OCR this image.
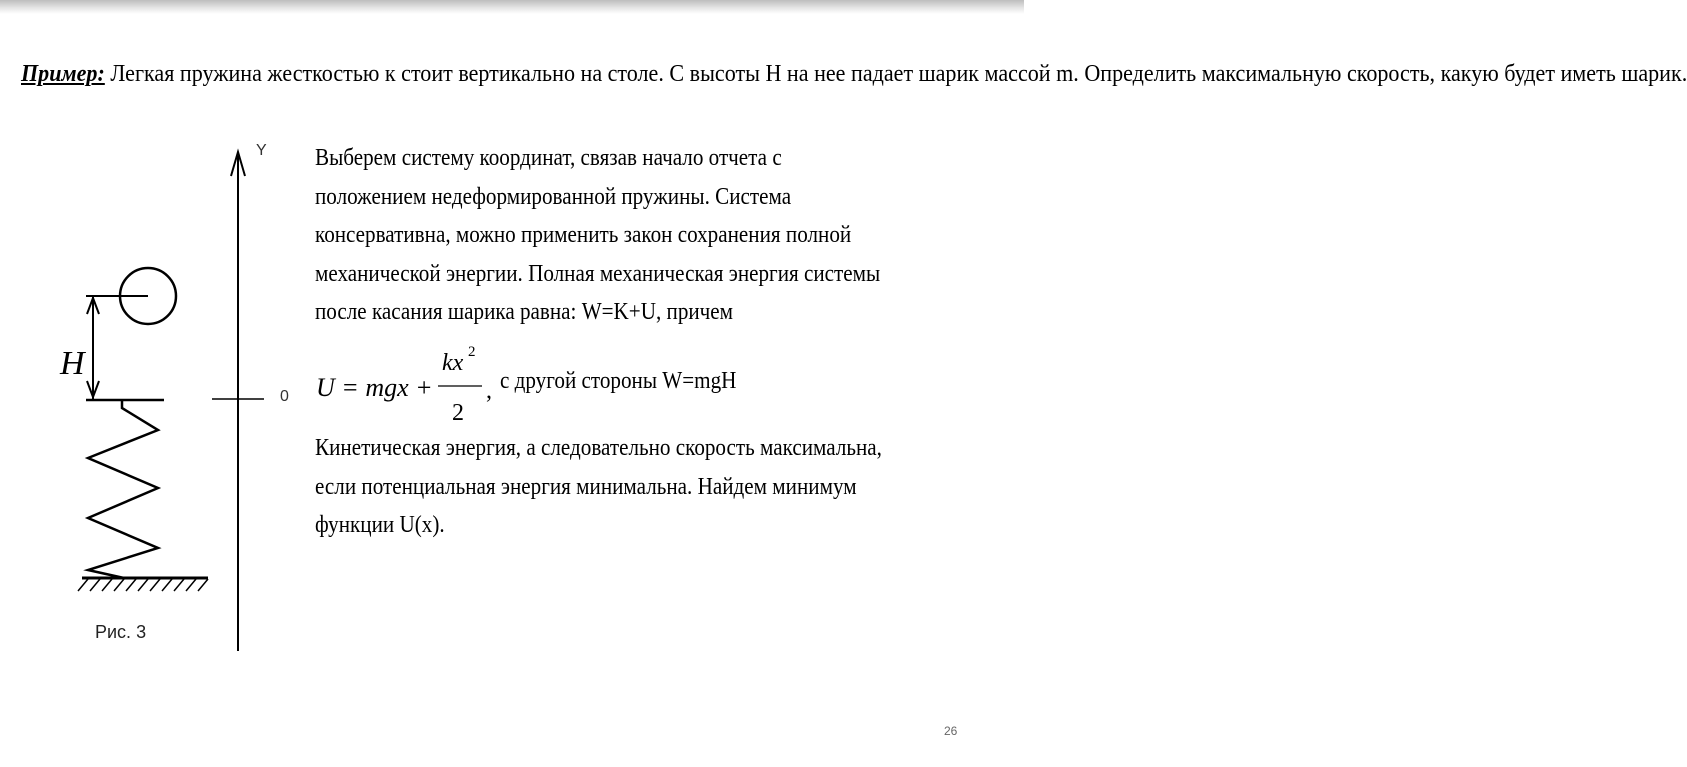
Пример: Легкая пружина жесткостью к стоит вертикально на столе. С высоты H на нее падает шарик массой m. Определить максимальную скорость, какую будет иметь шарик.

Выберем систему координат, связав начало отчета с
положением недеформированной пружины. Система
консервативна, можно применить закон сохранения полной
механической энергии. Полная механическая энергия системы
после касания шарика равна: W=K+U, причем
U = mgx +
kx 2
2
, с другой стороны W=mgH
Кинетическая энергия, а следовательно скорость максимальна,
если потенциальная энергия минимальна. Найдем минимум
функции U(x).
H
Y
0
Рис. 3
26
